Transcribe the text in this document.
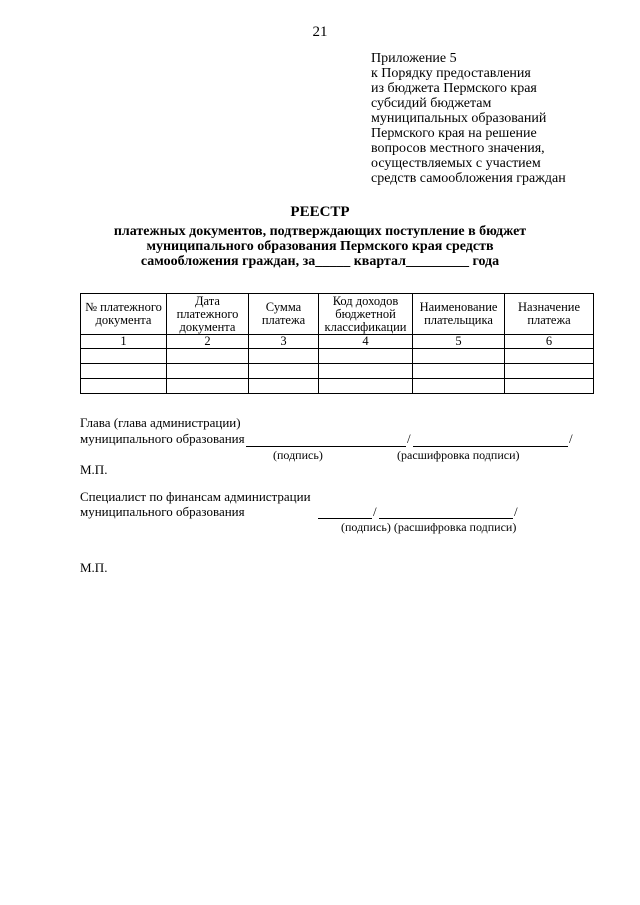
21
Приложение 5
к Порядку предоставления
из бюджета Пермского края
субсидий бюджетам
муниципальных образований
Пермского края на решение
вопросов местного значения,
осуществляемых с участием
средств самообложения граждан
РЕЕСТР
платежных документов, подтверждающих поступление в бюджет
муниципального образования Пермского края средств
самообложения граждан, за_____ квартал_________ года
№ платежного документа	Дата платежного документа	Сумма платежа	Код доходов бюджетной классификации	Наименование плательщика	Назначение платежа
1	2	3	4	5	6

Глава (глава администрации)
муниципального образования	/	/
(подпись)	(расшифровка подписи)
М.П.
Специалист по финансам администрации
муниципального образования	/	/
(подпись) (расшифровка подписи)
М.П.
